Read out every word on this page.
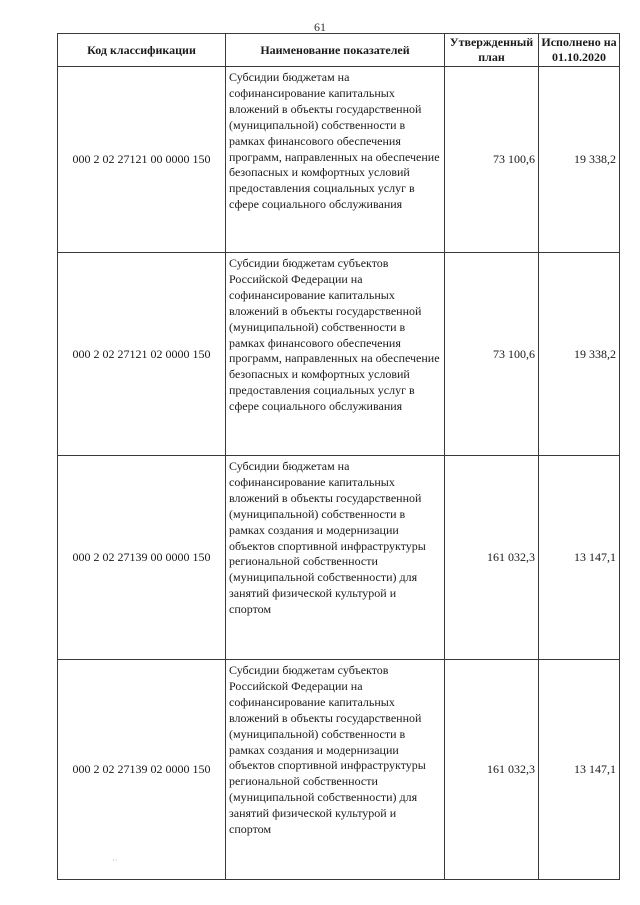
61
Код классификации	Наименование показателей	Утвержденный план	Исполнено на 01.10.2020
000 2 02 27121 00 0000 150	Субсидии бюджетам на софинансирование капитальных вложений в объекты государственной (муниципальной) собственности в рамках финансового обеспечения программ, направленных на обеспечение безопасных и комфортных условий предоставления социальных услуг в сфере социального обслуживания	73 100,6	19 338,2
000 2 02 27121 02 0000 150	Субсидии бюджетам субъектов Российской Федерации на софинансирование капитальных вложений в объекты государственной (муниципальной) собственности в рамках финансового обеспечения программ, направленных на обеспечение безопасных и комфортных условий предоставления социальных услуг в сфере социального обслуживания	73 100,6	19 338,2
000 2 02 27139 00 0000 150	Субсидии бюджетам на софинансирование капитальных вложений в объекты государственной (муниципальной) собственности в рамках создания и модернизации объектов спортивной инфраструктуры региональной собственности (муниципальной собственности) для занятий физической культурой и спортом	161 032,3	13 147,1
000 2 02 27139 02 0000 150	Субсидии бюджетам субъектов Российской Федерации на софинансирование капитальных вложений в объекты государственной (муниципальной) собственности в рамках создания и модернизации объектов спортивной инфраструктуры региональной собственности (муниципальной собственности) для занятий физической культурой и спортом	161 032,3	13 147,1
˙˙
